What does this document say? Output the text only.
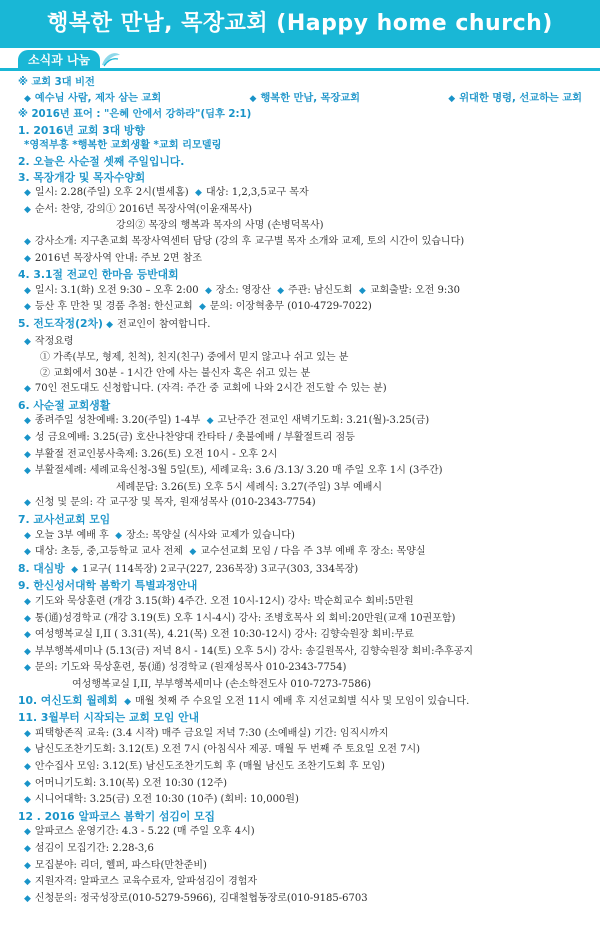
행복한 만남, 목장교회 (Happy home church)
소식과 나눔
※ 교회 3대 비전
◆ 예수님 사람, 제자 삼는 교회	◆ 행복한 만남, 목장교회	◆ 위대한 명령, 선교하는 교회
※ 2016년 표어 : "은혜 안에서 강하라"(딤후 2:1)
1. 2016년 교회 3대 방향
*영적부흥 *행복한 교회생활 *교회 리모델링
2. 오늘은 사순절 셋째 주일입니다.
3. 목장개강 및 목자수양회
◆ 일시: 2.28(주일) 오후 2시(별세홈) ◆ 대상: 1,2,3,5교구 목자
◆ 순서: 찬양, 강의① 2016년 목장사역(이윤재목사)
강의② 목장의 행복과 목자의 사명 (손병덕목사)
◆ 강사소개: 지구촌교회 목장사역센터 담당 (강의 후 교구별 목자 소개와 교제, 토의 시간이 있습니다)
◆ 2016년 목장사역 안내: 주보 2면 참조
4. 3.1절 전교인 한마음 등반대회
◆ 일시: 3.1(화) 오전 9:30 – 오후 2:00 ◆ 장소: 영장산 ◆ 주관: 남신도회 ◆ 교회출발: 오전 9:30
◆ 등산 후 만찬 및 경품 추첨: 한신교회 ◆ 문의: 이장혁총무 (010-4729-7022)
5. 전도작정(2차) ◆ 전교인이 참여합니다.
◆ 작정요령
① 가족(부모, 형제, 친척), 친지(친구) 중에서 믿지 않고나 쉬고 있는 분
② 교회에서 30분 - 1시간 안에 사는 불신자 혹은 쉬고 있는 분
◆ 70인 전도대도 신청합니다. (자격: 주간 중 교회에 나와 2시간 전도할 수 있는 분)
6. 사순절 교회생활
◆ 종려주일 성찬예배: 3.20(주일) 1-4부 ◆ 고난주간 전교인 새벽기도회: 3.21(월)-3.25(금)
◆ 성 금요예배: 3.25(금) 호산나찬양대 칸타타 / 촛불예배 / 부활절트리 점등
◆ 부활절 전교인봉사축제: 3.26(토) 오전 10시 - 오후 2시
◆ 부활절세례: 세례교육신청-3월 5일(토), 세례교육: 3.6 /3.13/ 3.20 매 주일 오후 1시 (3주간)
세례문답: 3.26(토) 오후 5시 세례식: 3.27(주일) 3부 예배시
◆ 신청 및 문의: 각 교구장 및 목자, 원재성목사 (010-2343-7754)
7. 교사선교회 모임
◆ 오늘 3부 예배 후 ◆ 장소: 목양실 (식사와 교제가 있습니다)
◆ 대상: 초등, 중,고등학교 교사 전체 ◆ 교수선교회 모임 / 다음 주 3부 예배 후 장소: 목양실
8. 대심방 ◆ 1교구( 114목장) 2교구(227, 236목장) 3교구(303, 334목장)
9. 한신성서대학 봄학기 특별과정안내
◆ 기도와 묵상훈련 (개강 3.15(화) 4주간. 오전 10시-12시) 강사: 박순희교수 회비:5만원
◆ 통(通)성경학교 (개강 3.19(토) 오후 1시-4시) 강사: 조병호목사 외 회비:20만원(교재 10권포함)
◆ 여성행복교실 I,II ( 3.31(목), 4.21(목) 오전 10:30-12시) 강사: 김향숙원장 회비:무료
◆ 부부행복세미나 (5.13(금) 저녁 8시 - 14(토) 오후 5시) 강사: 송길원목사, 김향숙원장 회비:추후공지
◆ 문의: 기도와 묵상훈련, 통(通) 성경학교 (원재성목사 010-2343-7754)
여성행복교실 I,II, 부부행복세미나 (손소학전도사 010-7273-7586)
10. 여신도회 월례회 ◆ 매월 첫째 주 수요일 오전 11시 예배 후 지선교회별 식사 및 모임이 있습니다.
11. 3월부터 시작되는 교회 모임 안내
◆ 피택항존직 교육: (3.4 시작) 매주 금요일 저녁 7:30 (소예배실) 기간: 임직시까지
◆ 남신도조찬기도회: 3.12(토) 오전 7시 (아침식사 제공. 매월 두 번째 주 토요일 오전 7시)
◆ 안수집사 모임: 3.12(토) 남신도조찬기도회 후 (매월 남신도 조찬기도회 후 모임)
◆ 어머니기도회: 3.10(목) 오전 10:30 (12주)
◆ 시니어대학: 3.25(금) 오전 10:30 (10주) (회비: 10,000원)
12 . 2016 알파코스 봄학기 섬김이 모집
◆ 알파코스 운영기간: 4.3 - 5.22 (매 주일 오후 4시)
◆ 섬김이 모집기간: 2.28-3,6
◆ 모집분야: 리더, 헬퍼, 파스타(만찬준비)
◆ 지원자격: 알파코스 교육수료자, 알파섬김이 경험자
◆ 신청문의: 정국성장로(010-5279-5966), 김대철협동장로(010-9185-6703
